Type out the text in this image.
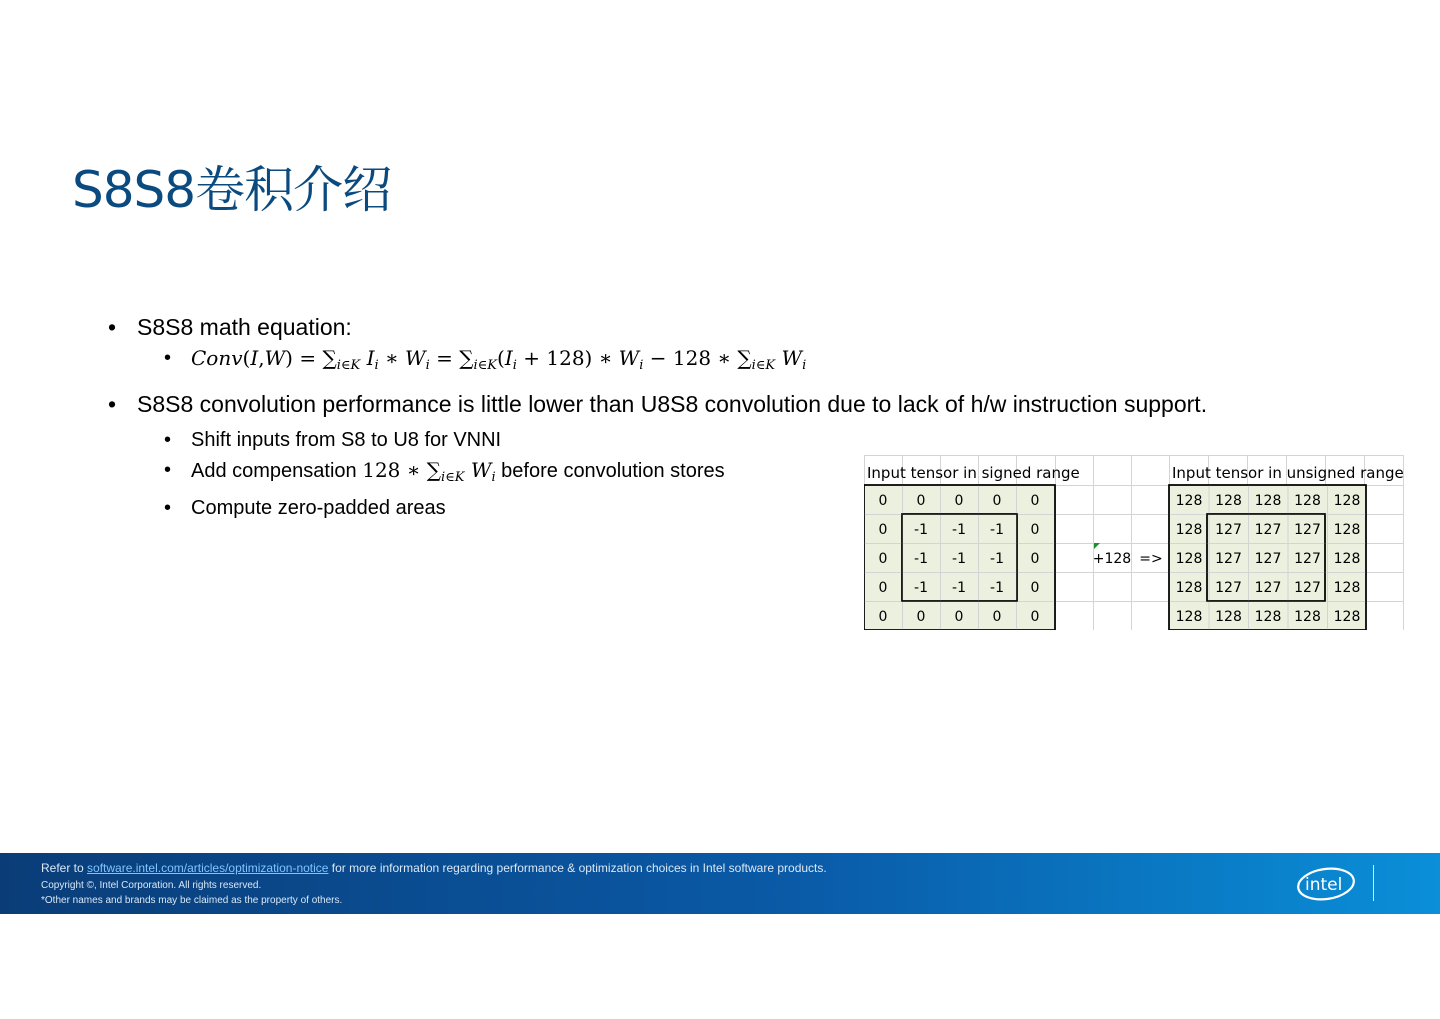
S8S8卷积介绍
• S8S8 math equation:
• Conv(I,W) = $\sum_{i\in K}$ $I_i$ ∗ $W_i = \sum_{i\in K}(I_i + 128)$ ∗ $W_i - 128$ ∗ $\sum_{i\in K}$ $W_i$
• S8S8 convolution performance is little lower than U8S8 convolution due to lack of h/w instruction support.
• Shift inputs from S8 to U8 for VNNI
• Add compensation 128 ∗ $\sum_{i\in K}$ $W_i$ before convolution stores
• Compute zero-padded areas
Input tensor in signed range	Input tensor in unsigned range
0 0 0 0 0
0 -1 -1 -1 0
0 -1 -1 -1 0
0 -1 -1 -1 0
0 0 0 0 0
128 128 128 128 128
128 127 127 127 128
128 127 127 127 128
128 127 127 127 128
128 128 128 128 128
+128 =>
Refer to software.intel.com/articles/optimization-notice for more information regarding performance & optimization choices in Intel software products.
Copyright ©, Intel Corporation. All rights reserved.
*Other names and brands may be claimed as the property of others.
intel
